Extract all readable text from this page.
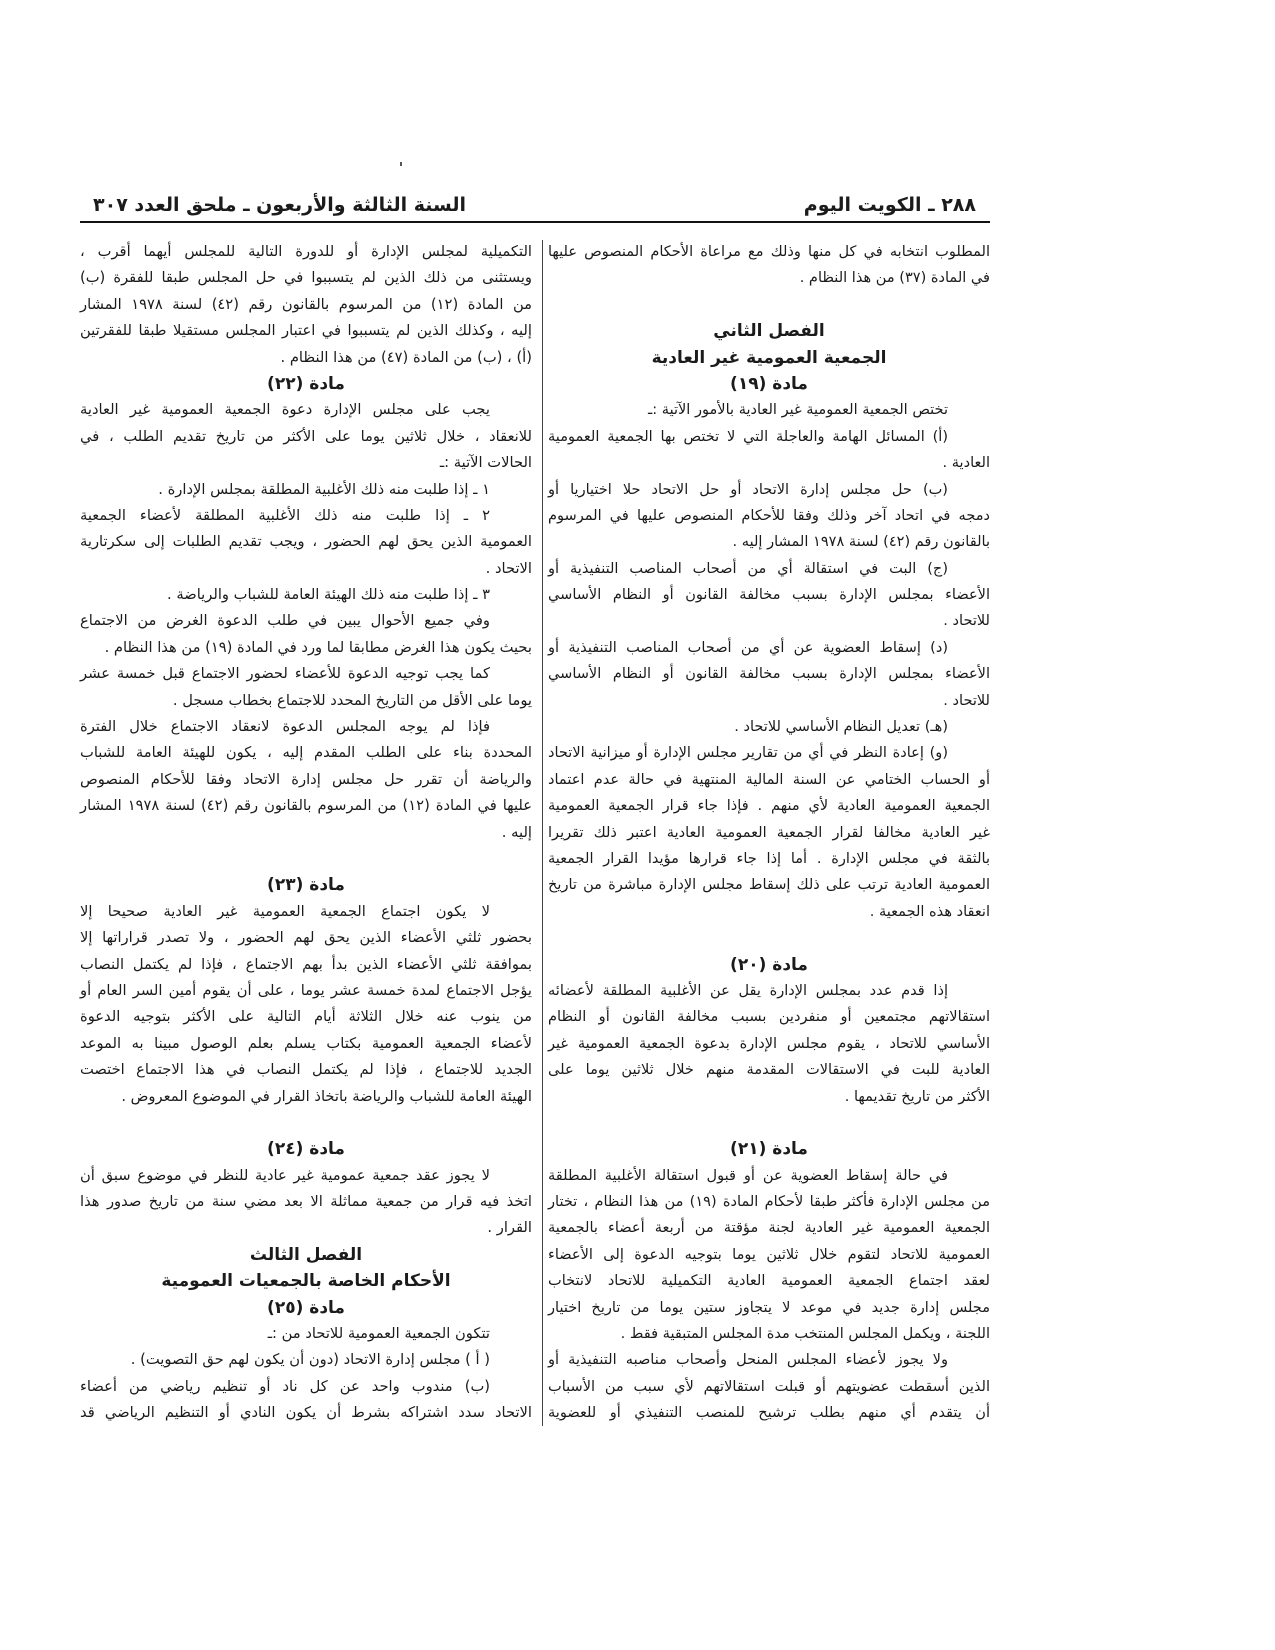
٢٨٨ ـ الكويت اليوم
السنة الثالثة والأربعون ـ ملحق العدد ٣٠٧
المطلوب انتخابه في كل منها وذلك مع مراعاة الأحكام المنصوص عليها
في المادة (٣٧) من هذا النظام .
الفصل الثاني
الجمعية العمومية غير العادية
مادة (١٩)
تختص الجمعية العمومية غير العادية بالأمور الآتية :ـ
(أ) المسائل الهامة والعاجلة التي لا تختص بها الجمعية العمومية
العادية .
(ب) حل مجلس إدارة الاتحاد أو حل الاتحاد حلا اختياريا أو
دمجه في اتحاد آخر وذلك وفقا للأحكام المنصوص عليها في المرسوم
بالقانون رقم (٤٢) لسنة ١٩٧٨ المشار إليه .
(ج) البت في استقالة أي من أصحاب المناصب التنفيذية أو
الأعضاء بمجلس الإدارة بسبب مخالفة القانون أو النظام الأساسي
للاتحاد .
(د) إسقاط العضوية عن أي من أصحاب المناصب التنفيذية أو
الأعضاء بمجلس الإدارة بسبب مخالفة القانون أو النظام الأساسي
للاتحاد .
(هـ) تعديل النظام الأساسي للاتحاد .
(و) إعادة النظر في أي من تقارير مجلس الإدارة أو ميزانية الاتحاد
أو الحساب الختامي عن السنة المالية المنتهية في حالة عدم اعتماد
الجمعية العمومية العادية لأي منهم . فإذا جاء قرار الجمعية العمومية
غير العادية مخالفا لقرار الجمعية العمومية العادية اعتبر ذلك تقريرا
بالثقة في مجلس الإدارة . أما إذا جاء قرارها مؤيدا القرار الجمعية
العمومية العادية ترتب على ذلك إسقاط مجلس الإدارة مباشرة من تاريخ
انعقاد هذه الجمعية .
مادة (٢٠)
إذا قدم عدد بمجلس الإدارة يقل عن الأغلبية المطلقة لأعضائه
استقالاتهم مجتمعين أو منفردين بسبب مخالفة القانون أو النظام
الأساسي للاتحاد ، يقوم مجلس الإدارة بدعوة الجمعية العمومية غير
العادية للبت في الاستقالات المقدمة منهم خلال ثلاثين يوما على
الأكثر من تاريخ تقديمها .
مادة (٢١)
في حالة إسقاط العضوية عن أو قبول استقالة الأغلبية المطلقة
من مجلس الإدارة فأكثر طبقا لأحكام المادة (١٩) من هذا النظام ، تختار
الجمعية العمومية غير العادية لجنة مؤقتة من أربعة أعضاء بالجمعية
العمومية للاتحاد لتقوم خلال ثلاثين يوما بتوجيه الدعوة إلى الأعضاء
لعقد اجتماع الجمعية العمومية العادية التكميلية للاتحاد لانتخاب
مجلس إدارة جديد في موعد لا يتجاوز ستين يوما من تاريخ اختيار
اللجنة ، ويكمل المجلس المنتخب مدة المجلس المتبقية فقط .
ولا يجوز لأعضاء المجلس المنحل وأصحاب مناصبه التنفيذية أو
الذين أسقطت عضويتهم أو قبلت استقالاتهم لأي سبب من الأسباب
أن يتقدم أي منهم بطلب ترشيح للمنصب التنفيذي أو للعضوية
التكميلية لمجلس الإدارة أو للدورة التالية للمجلس أيهما أقرب ،
ويستثنى من ذلك الذين لم يتسببوا في حل المجلس طبقا للفقرة (ب)
من المادة (١٢) من المرسوم بالقانون رقم (٤٢) لسنة ١٩٧٨ المشار
إليه ، وكذلك الذين لم يتسببوا في اعتبار المجلس مستقيلا طبقا للفقرتين
(أ) ، (ب) من المادة (٤٧) من هذا النظام .
مادة (٢٢)
يجب على مجلس الإدارة دعوة الجمعية العمومية غير العادية
للانعقاد ، خلال ثلاثين يوما على الأكثر من تاريخ تقديم الطلب ، في
الحالات الآتية :ـ
١ ـ إذا طلبت منه ذلك الأغلبية المطلقة بمجلس الإدارة .
٢ ـ إذا طلبت منه ذلك الأغلبية المطلقة لأعضاء الجمعية
العمومية الذين يحق لهم الحضور ، ويجب تقديم الطلبات إلى سكرتارية
الاتحاد .
٣ ـ إذا طلبت منه ذلك الهيئة العامة للشباب والرياضة .
وفي جميع الأحوال يبين في طلب الدعوة الغرض من الاجتماع
بحيث يكون هذا الغرض مطابقا لما ورد في المادة (١٩) من هذا النظام .
كما يجب توجيه الدعوة للأعضاء لحضور الاجتماع قبل خمسة عشر
يوما على الأقل من التاريخ المحدد للاجتماع بخطاب مسجل .
فإذا لم يوجه المجلس الدعوة لانعقاد الاجتماع خلال الفترة
المحددة بناء على الطلب المقدم إليه ، يكون للهيئة العامة للشباب
والرياضة أن تقرر حل مجلس إدارة الاتحاد وفقا للأحكام المنصوص
عليها في المادة (١٢) من المرسوم بالقانون رقم (٤٢) لسنة ١٩٧٨ المشار
إليه .
مادة (٢٣)
لا يكون اجتماع الجمعية العمومية غير العادية صحيحا إلا
بحضور ثلثي الأعضاء الذين يحق لهم الحضور ، ولا تصدر قراراتها إلا
بموافقة ثلثي الأعضاء الذين بدأ بهم الاجتماع ، فإذا لم يكتمل النصاب
يؤجل الاجتماع لمدة خمسة عشر يوما ، على أن يقوم أمين السر العام أو
من ينوب عنه خلال الثلاثة أيام التالية على الأكثر بتوجيه الدعوة
لأعضاء الجمعية العمومية بكتاب يسلم بعلم الوصول مبينا به الموعد
الجديد للاجتماع ، فإذا لم يكتمل النصاب في هذا الاجتماع اختصت
الهيئة العامة للشباب والرياضة باتخاذ القرار في الموضوع المعروض .
مادة (٢٤)
لا يجوز عقد جمعية عمومية غير عادية للنظر في موضوع سبق أن
اتخذ فيه قرار من جمعية مماثلة الا بعد مضي سنة من تاريخ صدور هذا
القرار .
الفصل الثالث
الأحكام الخاصة بالجمعيات العمومية
مادة (٢٥)
تتكون الجمعية العمومية للاتحاد من :ـ
( أ ) مجلس إدارة الاتحاد (دون أن يكون لهم حق التصويت) .
(ب) مندوب واحد عن كل ناد أو تنظيم رياضي من أعضاء
الاتحاد سدد اشتراكه بشرط أن يكون النادي أو التنظيم الرياضي قد
